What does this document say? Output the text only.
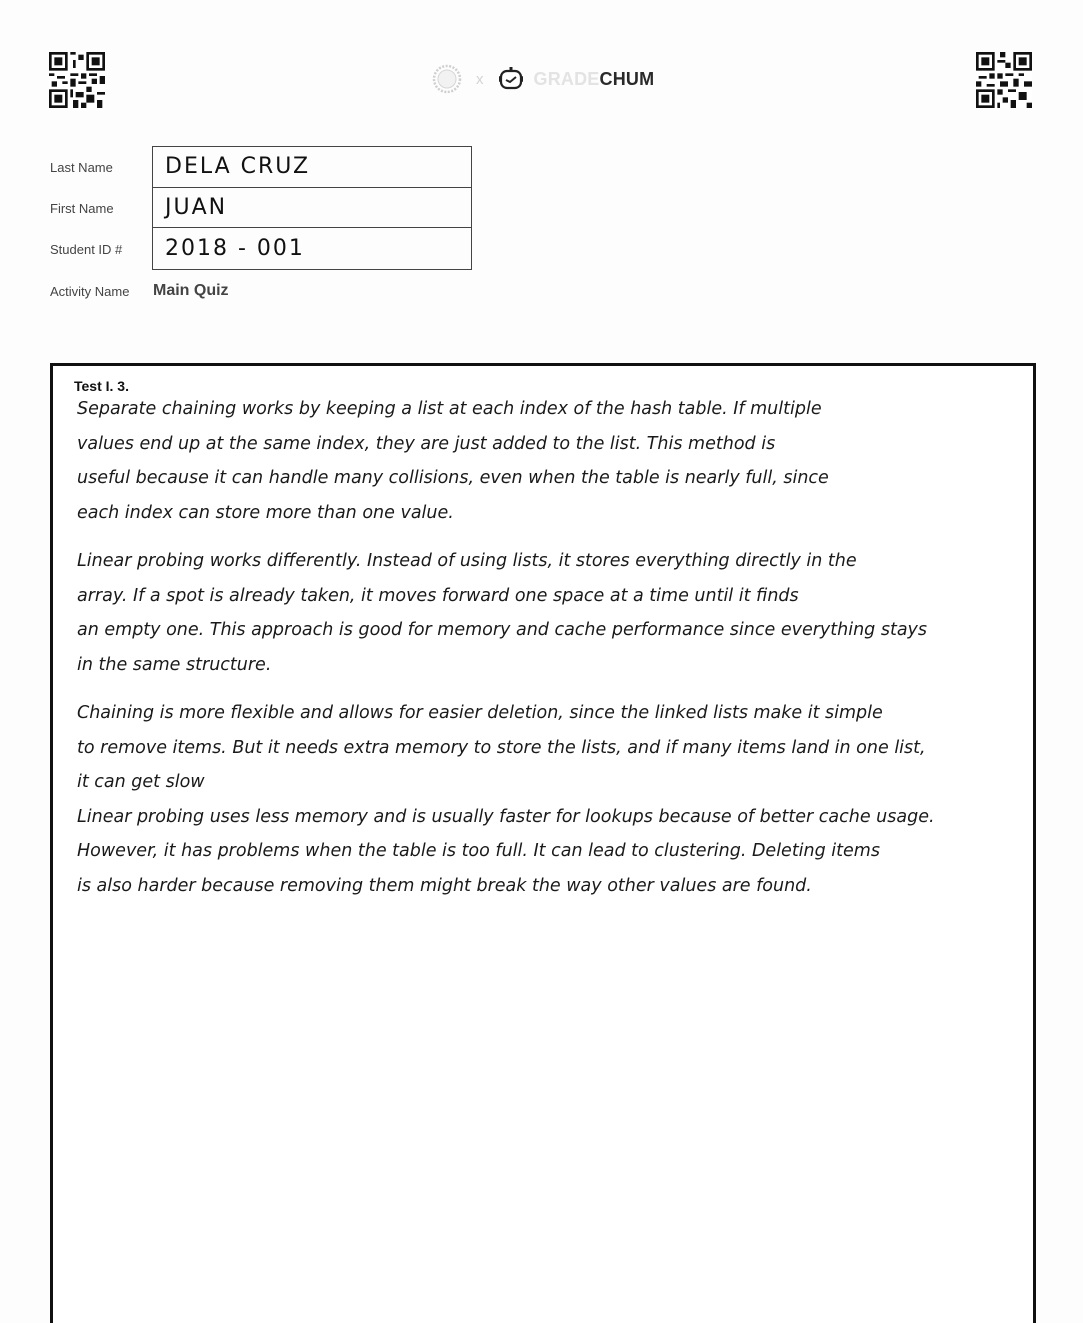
x	GRADE CHUM
Last Name
First Name
Student ID #
Activity Name
DELA CRUZ
JUAN
2018 - 001
Main Quiz
Test I. 3.
Separate chaining works by keeping a list at each index of the hash table. If multiple
values end up at the same index, they are just added to the list. This method is
useful because it can handle many collisions, even when the table is nearly full, since
each index can store more than one value.
Linear probing works differently. Instead of using lists, it stores everything directly in the
array. If a spot is already taken, it moves forward one space at a time until it finds
an empty one. This approach is good for memory and cache performance since everything stays
in the same structure.
Chaining is more flexible and allows for easier deletion, since the linked lists make it simple
to remove items. But it needs extra memory to store the lists, and if many items land in one list,
it can get slow
Linear probing uses less memory and is usually faster for lookups because of better cache usage.
However, it has problems when the table is too full. It can lead to clustering. Deleting items
is also harder because removing them might break the way other values are found.
